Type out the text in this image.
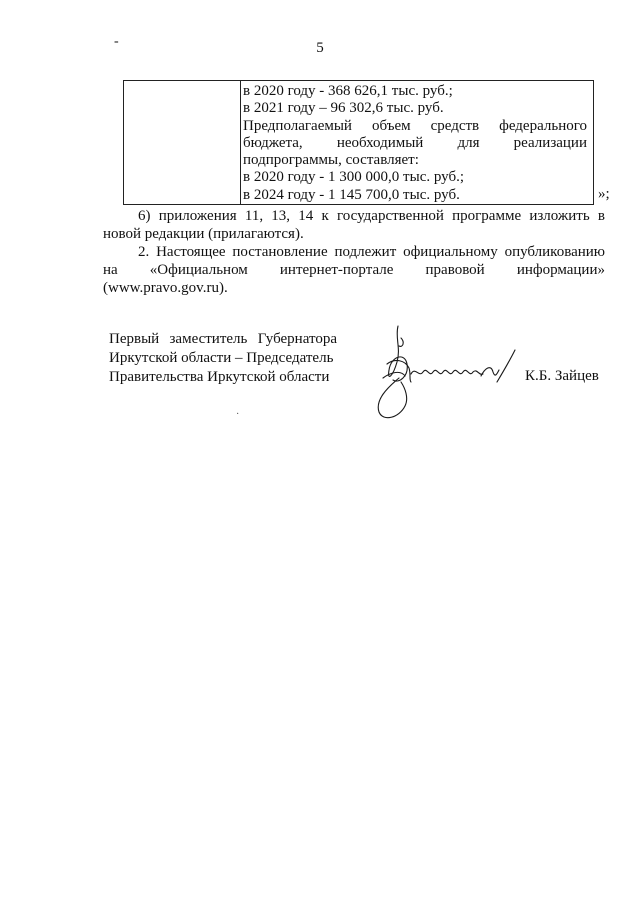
-	5
в 2020 году - 368 626,1 тыс. руб.;
в 2021 году – 96 302,6 тыс. руб.
Предполагаемый объем средств федерального
бюджета, необходимый для реализации
подпрограммы, составляет:
в 2020 году - 1 300 000,0 тыс. руб.;
в 2024 году - 1 145 700,0 тыс. руб.	»;
6) приложения 11, 13, 14 к государственной программе изложить в новой редакции (прилагаются).
2. Настоящее постановление подлежит официальному опубликованию на «Официальном интернет-портале правовой информации» (www.pravo.gov.ru).
Первый заместитель Губернатора
Иркутской области – Председатель
Правительства Иркутской области	К.Б. Зайцев
·
